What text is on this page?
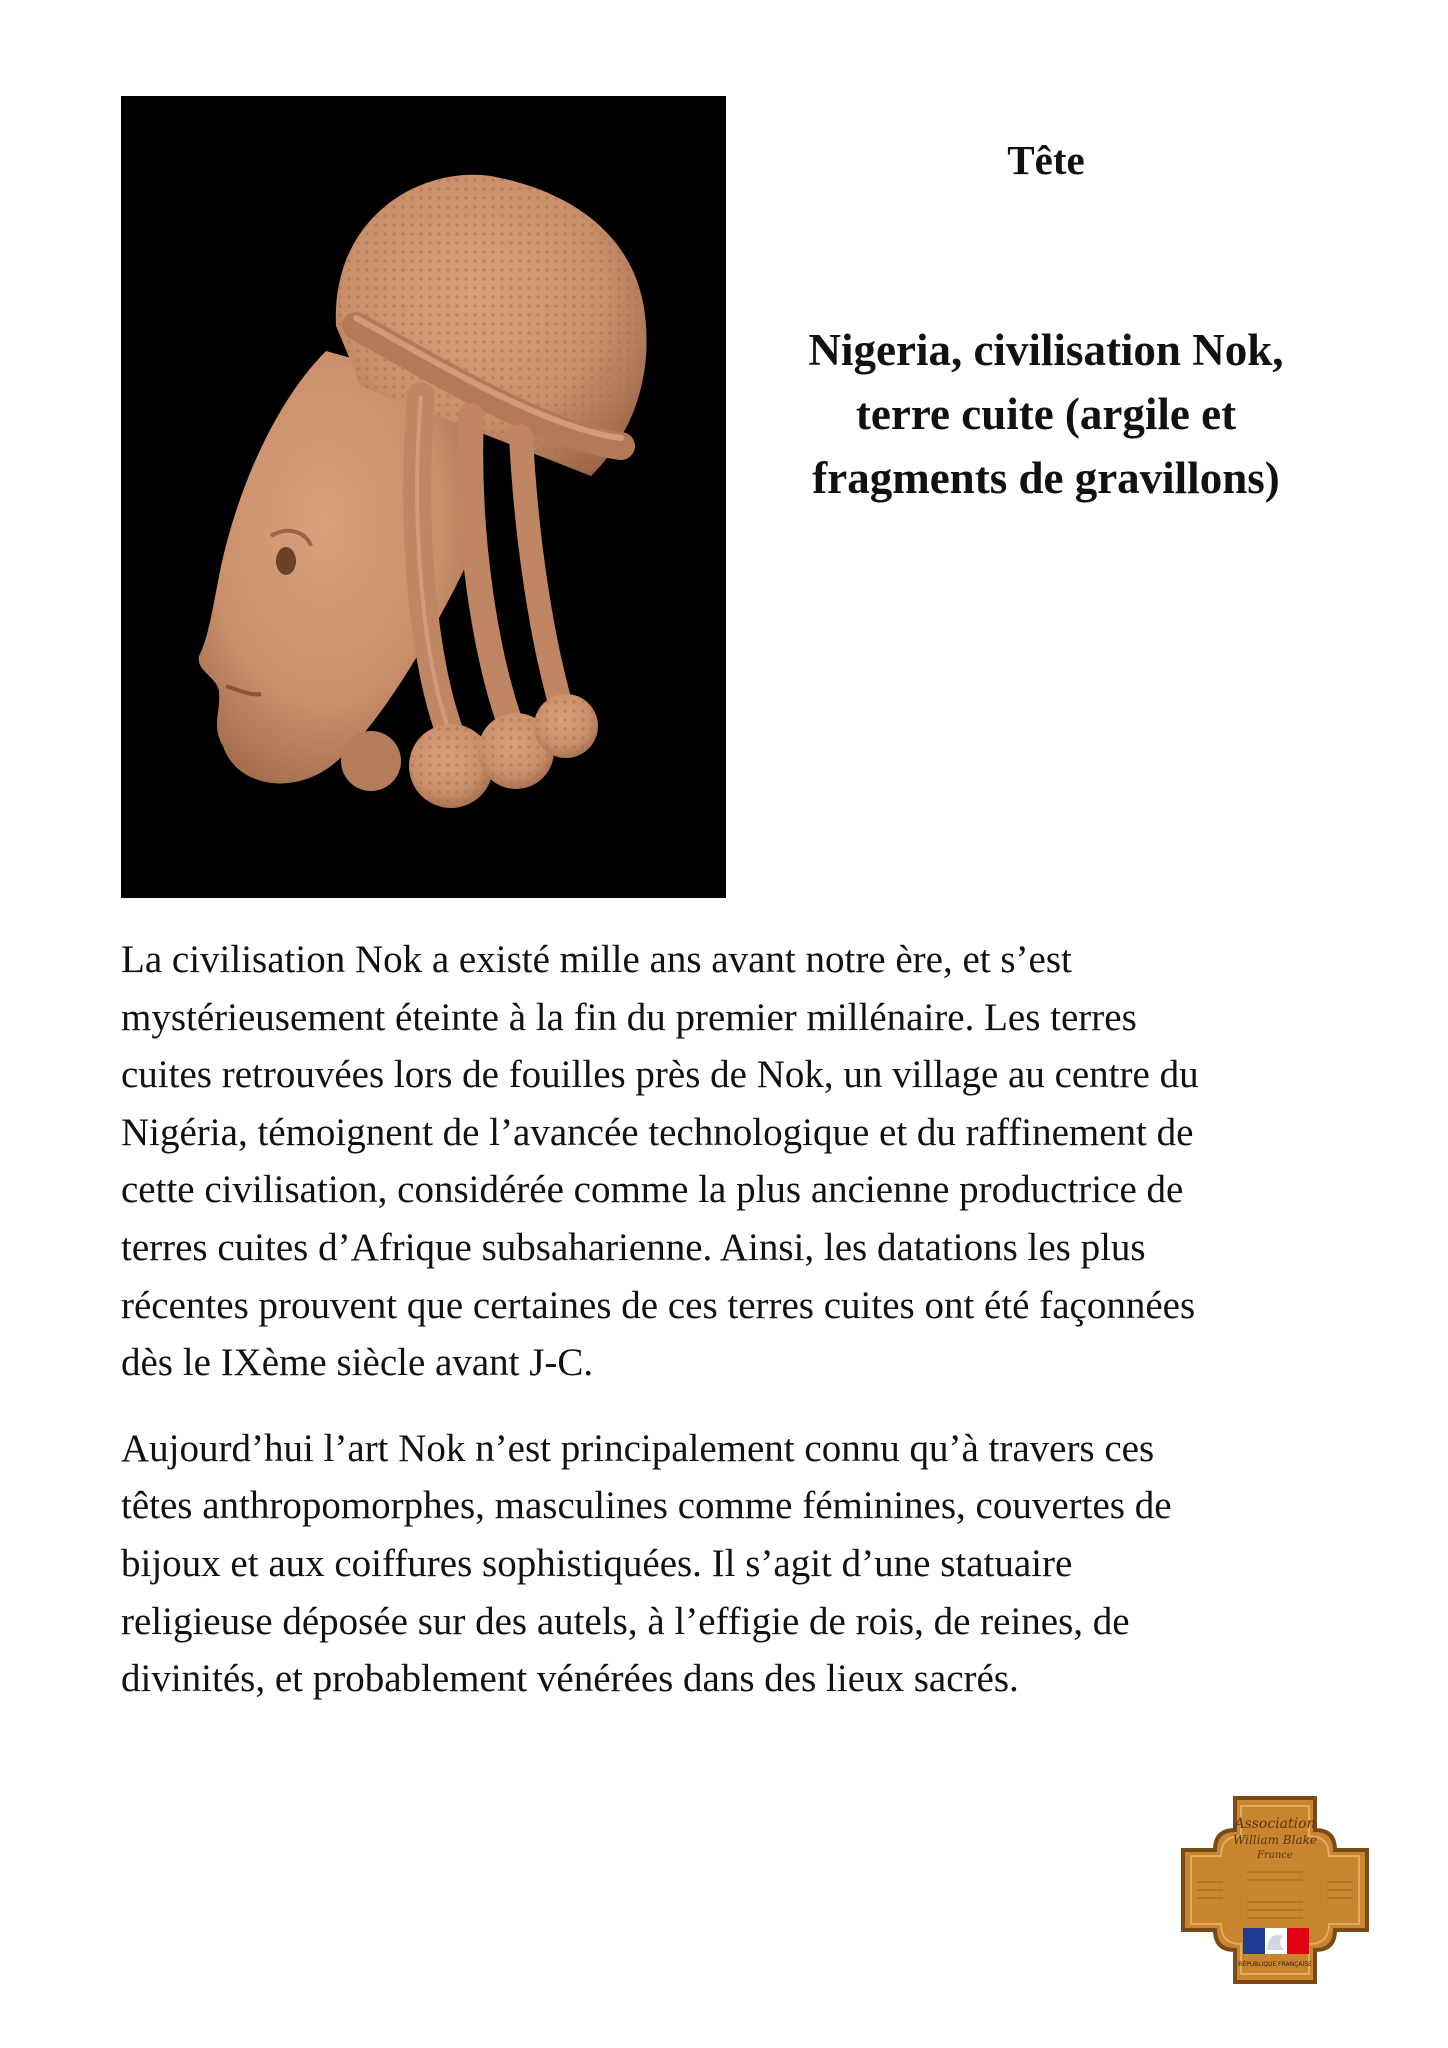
Tête
Nigeria, civilisation Nok,
terre cuite (argile et
fragments de gravillons)

La civilisation Nok a existé mille ans avant notre ère, et s’est
mystérieusement éteinte à la fin du premier millénaire. Les terres
cuites retrouvées lors de fouilles près de Nok, un village au centre du
Nigéria, témoignent de l’avancée technologique et du raffinement de
cette civilisation, considérée comme la plus ancienne productrice de
terres cuites d’Afrique subsaharienne. Ainsi, les datations les plus
récentes prouvent que certaines de ces terres cuites ont été façonnées
dès le IXème siècle avant J-C.

Aujourd’hui l’art Nok n’est principalement connu qu’à travers ces
têtes anthropomorphes, masculines comme féminines, couvertes de
bijoux et aux coiffures sophistiquées. Il s’agit d’une statuaire
religieuse déposée sur des autels, à l’effigie de rois, de reines, de
divinités, et probablement vénérées dans des lieux sacrés.

Association
William Blake
France
RÉPUBLIQUE FRANÇAISE
